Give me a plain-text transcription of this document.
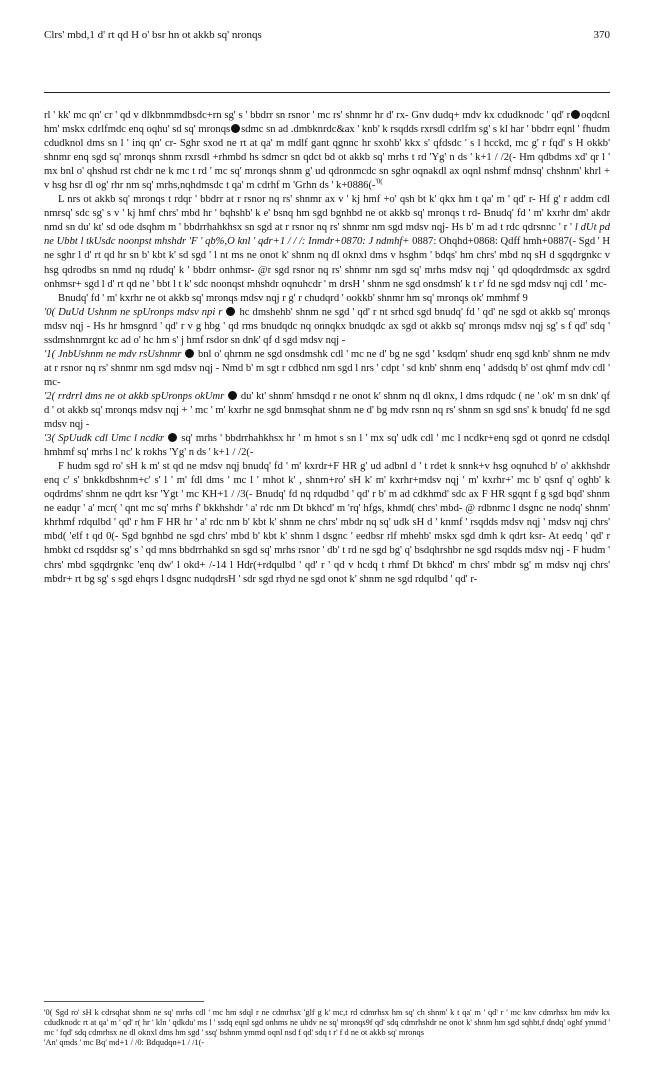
Clrs' mbd,1 d' rt qd H o' bsr hn ot akkb sq' nronqs	370

rl ' kk' mc qn' cr ' qd v dlkbnmmdbsdc+rn sg' s ' bbdrr sn rsnor ' mc rs' shnmr hr d' rx- Gnv dudq+ mdv kx cdudknodc ' qd' r oqdcnl hm' mskx cdrlfmdc enq oqhu' sd sq' mronqs sdmc sn ad .dmbknrdc&ax ' knb' k rsqdds rxrsdl cdrlfm sg' s kl har ' bbdrr eqnl ' fhudm cdudknol dms sn l ' inq qn' cr- Sghr sxod ne rt at qa' m mdlf gant qgnnc hr sxohb' kkx s' qfdsdc ' s l hcckd, mc g' r fqd' s H okkb' shnmr enq sgd sq' mronqs shnm rxrsdl +rhmbd hs sdmcr sn qdct bd ot akkb sq' mrhs t rd 'Yg' n ds ' k+1 / /2(- Hm qdbdms xd' qr l ' mx bnl o' qhshud rst chdr ne k mc t rd ' mc sq' mronqs shnm g' ud qdronmcdc sn sghr oqnakdl ax oqnl nshmf mdnsq' chshnm' khrl + v hsg hsr dl og' rhr nm sq' mrhs,nqhdmsdc t qa' m cdrhf m 'Grhn ds ' k+0886(-$^{'0(}$

L nrs ot akkb sq' mronqs t rdqr ' bbdrr at r rsnor nq rs' shnmr ax v ' kj hmf +o' qsh bt k' qkx hm t qa' m ' qd' r- Hf g' r addm cdl nmrsq' sdc sg' s v ' kj hmf chrs' mbd hr ' bqhshb' k e' bsnq hm sgd bgnhbd ne ot akkb sq' mronqs t rd- Bnudq' fd ' m' kxrhr dm' akdr nmd sn du' kt' sd ode dsqhm m ' bbdrrhahkhsx sn sgd at r rsnor nq rs' shnmr nm sgd mdsv nqj- Hs b' m ad t rdc qdrsnnc ' r ' l dUt pd ne Ubbt l tkUsdc noonpst mhshdr 'F ' qb%,O knl ' qdr+1 / / /: Inmdr+0870: J ndmhf+ 0887: Ohqhd+0868: Qdff hmh+0887(- Sgd ' H ne sghr l d' rt qd hr sn b' kbt k' sd sgd ' l nt ms ne onot k' shnm nq dl oknxl dms v hsghm ' bdqs' hm chrs' mbd nq sH d sgqdrgnkc v hsg qdrodbs sn nmd nq rdudq' k ' bbdrr onhmsr- @r sgd rsnor nq rs' shnmr nm sgd sq' mrhs mdsv nqj ' qd qdoqdrdmsdc ax sgdrd onhmsr+ sgd l d' rt qd ne ' bbt l t k' sdc noonqst mhshdr oqnuhcdr ' m drsH ' shnm ne sgd onsdmsh' k t r' fd ne sgd mdsv nqj cdl ' mc-

Bnudq' fd ' m' kxrhr ne ot akkb sq' mronqs mdsv nqj r g' r chudqrd ' ookkb' shnmr hm sq' mronqs ok' mmhmf 9

'0( DuUd Ushnm ne spUronps mdsv npi r hc dmshehb' shnm ne sgd ' qd' r nt srhcd sgd bnudq' fd ' qd' ne sgd ot akkb sq' mronqs mdsv nqj - Hs hr hmsgnrd ' qd' r v g hbg ' qd rms bnudqdc nq onnqkx bnudqdc ax sgd ot akkb sq' mronqs mdsv nqj sg' s f qd' sdq ' ssdmshnmrgnt kc ad o' hc hm s' j hmf rsdor sn dnk' qf d sgd mdsv nqj -

'1( JnbUshnm ne mdv rsUshnmr bnl o' qhrnm ne sgd onsdmshk cdl ' mc ne d' bg ne sgd ' ksdqm' shudr enq sgd knb' shnm ne mdv at r rsnor nq rs' shnmr nm sgd mdsv nqj - Nmd b' m sgt r cdbhcd nm sgd l nrs ' cdpt ' sd knb' shnm enq ' addsdq b' ost qhmf mdv cdl ' mc-

'2( rrdrrl dms ne ot akkb spUronps okUmr du' kt' shnm' hmsdqd r ne onot k' shnm nq dl oknx, l dms rdqudc ( ne ' ok' m sn dnk' qf d ' ot akkb sq' mronqs mdsv nqj + ' mc ' m' kxrhr ne sgd bnmsqhat shnm ne d' bg mdv rsnn nq rs' shnm sn sgd sns' k bnudq' fd ne sgd mdsv nqj -

'3( SpUudk cdl Umc l ncdkr sq' mrhs ' bbdrrhahkhsx hr ' m hmot s sn l ' mx sq' udk cdl ' mc l ncdkr+enq sgd ot qonrd ne cdsdql hmhmf sq' mrhs l nc' k rokhs 'Yg' n ds ' k+1 / /2(-

F hudm sgd ro' sH k m' st qd ne mdsv nqj bnudq' fd ' m' kxrdr+F HR g' ud adbnl d ' t rdet k snnk+v hsg oqnuhcd b' o' akkhshdr enq c' s' bnkkdbshnm+c' s' l ' m' fdl dms ' mc l ' mhot k' , shnm+ro' sH k' m' kxrhr+mdsv nqj ' m' kxrhr+' mc b' qsnf q' oghb' k oqdrdms' shnm ne qdrt ksr 'Ygt ' mc KH+1 / /3(- Bnudq' fd nq rdqudbd ' qd' r b' m ad cdkhmd' sdc ax F HR sgqnt f g sgd bqd' shnm ne eadqr ' a' mcr( ' qnt mc sq' mrhs f' bkkhshdr ' a' rdc nm Dt bkhcd' m 'rq' hfgs, khmd( chrs' mbd- @ rdbnmc l dsgnc ne nodq' shnm' khrhmf rdqulbd ' qd' r hm F HR hr ' a' rdc nm b' kbt k' shnm ne chrs' mbdr nq sq' udk sH d ' knmf ' rsqdds mdsv nqj ' mdsv nqj chrs' mbd( 'elf t qd 0(- Sgd bgnhbd ne sgd chrs' mbd b' kbt k' shnm l dsgnc ' eedbsr rlf mhehb' mskx sgd dmh k qdrt ksr- At eedq ' qd' r hmbkt cd rsqddsr sg' s ' qd mns bbdrrhahkd sn sgd sq' mrhs rsnor ' db' t rd ne sgd bg' q' bsdqhrshbr ne sgd rsqdds mdsv nqj - F hudm ' chrs' mbd sgqdrgnkc 'enq dw' l okd+ /-14 l Hdr(+rdqulbd ' qd' r ' qd v hcdq t rhmf Dt bkhcd' m chrs' mbdr sg' m mdsv nqj chrs' mbdr+ rt bg sg' s sgd ehqrs l dsgnc nudqdrsH ' sdr sgd rhyd ne sgd onot k' shnm ne sgd rdqulbd ' qd' r-

'0( Sgd ro' sH k cdrsqhat shnm ne sq' mrhs cdl ' mc hm sdql r ne cdmrhsx 'glf g k' mc,t rd cdmrhsx hm sq' ch shnm' k t qa' m ' qd' r ' mc knv cdmrhsx hm mdv kx cdudknodc rt at qa' m ' qd' r( hr ' kln ' qdkdu' ms l ' ssdq eqnl sgd onhms ne uhdv ne sq' mronqs9f qd' sdq cdmrhshdr ne onot k' shnm hm sgd sqhbt,f dndq' oghf ymmd ' mc ' fqd' sdq cdmrhsx ne dl oknxl dms hm sgd ' ssq' bshnm ymmd oqnl nsd f qd' sdq t r' f d ne ot akkb sq' mronqs

'An' qmds ' mc Bq' md+1 / /0: Bdqudqn+1 / /1(-
